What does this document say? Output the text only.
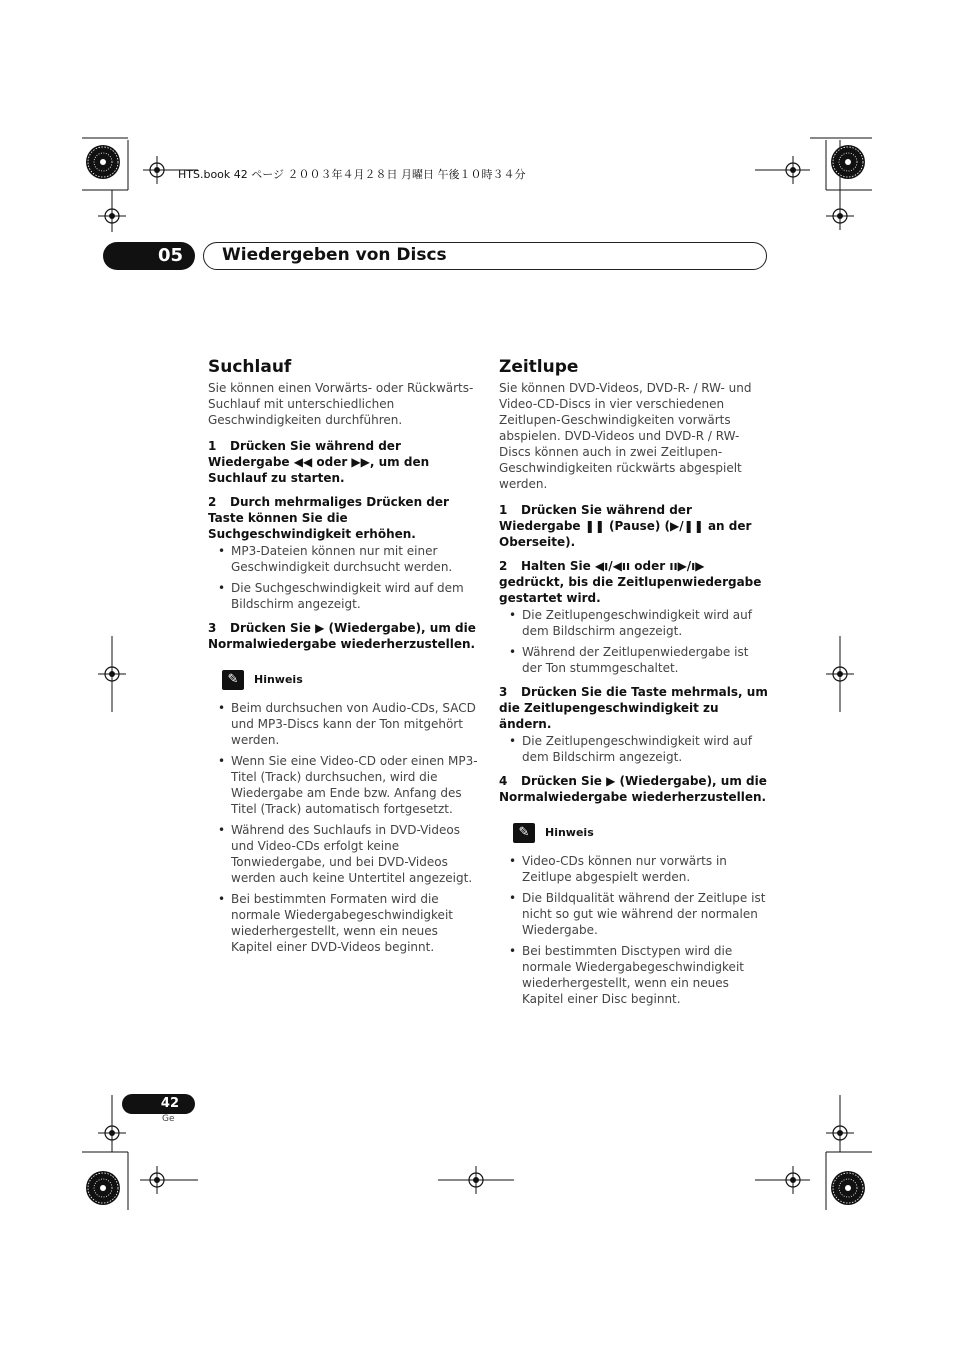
HTS.book 42 ページ ２００３年４月２８日 月曜日 午後１０時３４分
05	Wiedergeben von Discs
Suchlauf

Sie können einen Vorwärts- oder Rückwärts-Suchlauf mit unterschiedlichen Geschwindigkeiten durchführen.

1 Drücken Sie während der Wiedergabe ◀◀ oder ▶▶, um den Suchlauf zu starten.
2 Durch mehrmaliges Drücken der Taste können Sie die Suchgeschwindigkeit erhöhen.
• MP3-Dateien können nur mit einer Geschwindigkeit durchsucht werden.
• Die Suchgeschwindigkeit wird auf dem Bildschirm angezeigt.
3 Drücken Sie ▶ (Wiedergabe), um die Normalwiedergabe wiederherzustellen.
✎	Hinweis
• Beim durchsuchen von Audio-CDs, SACD und MP3-Discs kann der Ton mitgehört werden.
• Wenn Sie eine Video-CD oder einen MP3-Titel (Track) durchsuchen, wird die Wiedergabe am Ende bzw. Anfang des Titel (Track) automatisch fortgesetzt.
• Während des Suchlaufs in DVD-Videos und Video-CDs erfolgt keine Tonwiedergabe, und bei DVD-Videos werden auch keine Untertitel angezeigt.
• Bei bestimmten Formaten wird die normale Wiedergabegeschwindigkeit wiederhergestellt, wenn ein neues Kapitel einer DVD-Videos beginnt.
Zeitlupe

Sie können DVD-Videos, DVD-R- / RW- und Video-CD-Discs in vier verschiedenen Zeitlupen-Geschwindigkeiten vorwärts abspielen. DVD-Videos und DVD-R / RW-Discs können auch in zwei Zeitlupen-Geschwindigkeiten rückwärts abgespielt werden.

1 Drücken Sie während der Wiedergabe ❚❚ (Pause) (▶/❚❚ an der Oberseite).
2 Halten Sie ◀ı/◀ıı oder ıı▶/ı▶ gedrückt, bis die Zeitlupenwiedergabe gestartet wird.
• Die Zeitlupengeschwindigkeit wird auf dem Bildschirm angezeigt.
• Während der Zeitlupenwiedergabe ist der Ton stummgeschaltet.
3 Drücken Sie die Taste mehrmals, um die Zeitlupengeschwindigkeit zu ändern.
• Die Zeitlupengeschwindigkeit wird auf dem Bildschirm angezeigt.
4 Drücken Sie ▶ (Wiedergabe), um die Normalwiedergabe wiederherzustellen.
✎	Hinweis
• Video-CDs können nur vorwärts in Zeitlupe abgespielt werden.
• Die Bildqualität während der Zeitlupe ist nicht so gut wie während der normalen Wiedergabe.
• Bei bestimmten Disctypen wird die normale Wiedergabegeschwindigkeit wiederhergestellt, wenn ein neues Kapitel einer Disc beginnt.
42
Ge
